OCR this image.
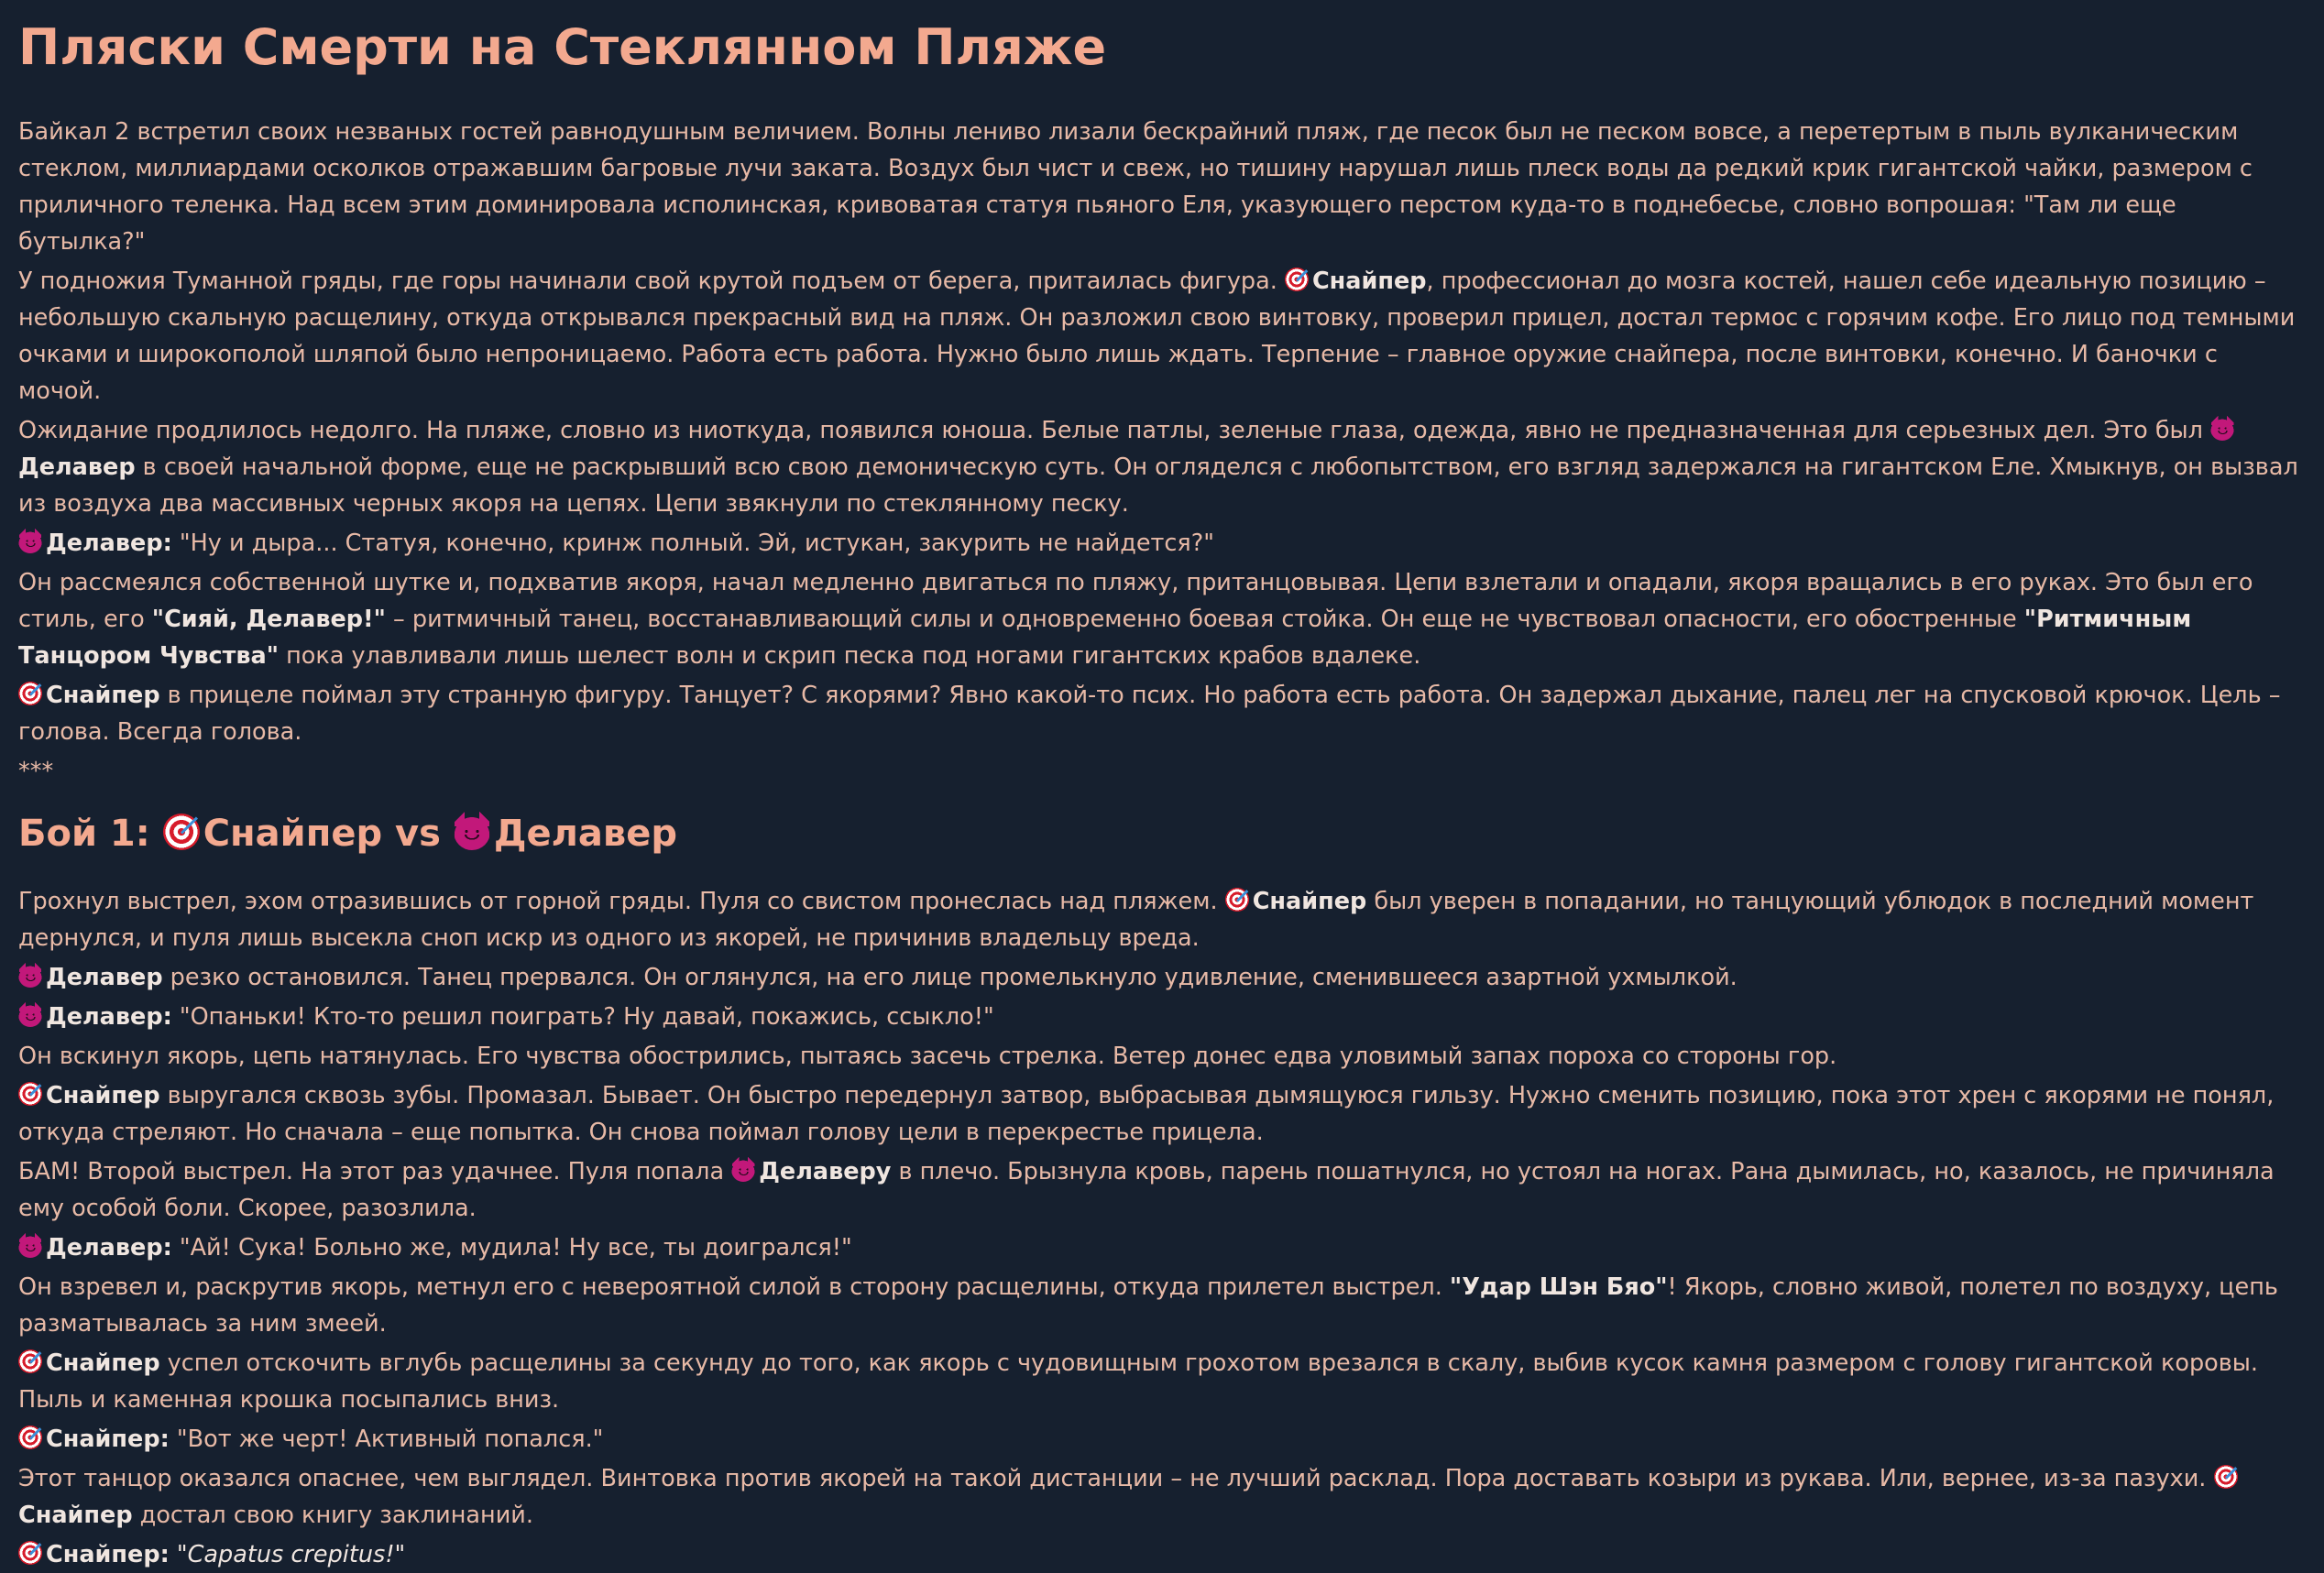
Пляски Смерти на Стеклянном Пляже

Байкал 2 встретил своих незваных гостей равнодушным величием. Волны лениво лизали бескрайний пляж, где песок был не песком вовсе, а перетертым в пыль вулканическим стеклом, миллиардами осколков отражавшим багровые лучи заката. Воздух был чист и свеж, но тишину нарушал лишь плеск воды да редкий крик гигантской чайки, размером с приличного теленка. Над всем этим доминировала исполинская, кривоватая статуя пьяного Еля, указующего перстом куда-то в поднебесье, словно вопрошая: "Там ли еще бутылка?"

У подножия Туманной гряды, где горы начинали свой крутой подъем от берега, притаилась фигура. Снайпер, профессионал до мозга костей, нашел себе идеальную позицию – небольшую скальную расщелину, откуда открывался прекрасный вид на пляж. Он разложил свою винтовку, проверил прицел, достал термос с горячим кофе. Его лицо под темными очками и широкополой шляпой было непроницаемо. Работа есть работа. Нужно было лишь ждать. Терпение – главное оружие снайпера, после винтовки, конечно. И баночки с мочой.

Ожидание продлилось недолго. На пляже, словно из ниоткуда, появился юноша. Белые патлы, зеленые глаза, одежда, явно не предназначенная для серьезных дел. Это был Делавер в своей начальной форме, еще не раскрывший всю свою демоническую суть. Он огляделся с любопытством, его взгляд задержался на гигантском Еле. Хмыкнув, он вызвал из воздуха два массивных черных якоря на цепях. Цепи звякнули по стеклянному песку.

Делавер: "Ну и дыра... Статуя, конечно, кринж полный. Эй, истукан, закурить не найдется?"

Он рассмеялся собственной шутке и, подхватив якоря, начал медленно двигаться по пляжу, пританцовывая. Цепи взлетали и опадали, якоря вращались в его руках. Это был его стиль, его "Сияй, Делавер!" – ритмичный танец, восстанавливающий силы и одновременно боевая стойка. Он еще не чувствовал опасности, его обостренные "Ритмичным Танцором Чувства" пока улавливали лишь шелест волн и скрип песка под ногами гигантских крабов вдалеке.

Снайпер в прицеле поймал эту странную фигуру. Танцует? С якорями? Явно какой-то псих. Но работа есть работа. Он задержал дыхание, палец лег на спусковой крючок. Цель – голова. Всегда голова.

***

Бой 1: Снайпер vs Делавер

Грохнул выстрел, эхом отразившись от горной гряды. Пуля со свистом пронеслась над пляжем. Снайпер был уверен в попадании, но танцующий ублюдок в последний момент дернулся, и пуля лишь высекла сноп искр из одного из якорей, не причинив владельцу вреда.

Делавер резко остановился. Танец прервался. Он оглянулся, на его лице промелькнуло удивление, сменившееся азартной ухмылкой.

Делавер: "Опаньки! Кто-то решил поиграть? Ну давай, покажись, ссыкло!"

Он вскинул якорь, цепь натянулась. Его чувства обострились, пытаясь засечь стрелка. Ветер донес едва уловимый запах пороха со стороны гор.

Снайпер выругался сквозь зубы. Промазал. Бывает. Он быстро передернул затвор, выбрасывая дымящуюся гильзу. Нужно сменить позицию, пока этот хрен с якорями не понял, откуда стреляют. Но сначала – еще попытка. Он снова поймал голову цели в перекрестье прицела.

БАМ! Второй выстрел. На этот раз удачнее. Пуля попала Делаверу в плечо. Брызнула кровь, парень пошатнулся, но устоял на ногах. Рана дымилась, но, казалось, не причиняла ему особой боли. Скорее, разозлила.

Делавер: "Ай! Сука! Больно же, мудила! Ну все, ты доигрался!"

Он взревел и, раскрутив якорь, метнул его с невероятной силой в сторону расщелины, откуда прилетел выстрел. "Удар Шэн Бяо"! Якорь, словно живой, полетел по воздуху, цепь разматывалась за ним змеей.

Снайпер успел отскочить вглубь расщелины за секунду до того, как якорь с чудовищным грохотом врезался в скалу, выбив кусок камня размером с голову гигантской коровы. Пыль и каменная крошка посыпались вниз.

Снайпер: "Вот же черт! Активный попался."

Этот танцор оказался опаснее, чем выглядел. Винтовка против якорей на такой дистанции – не лучший расклад. Пора доставать козыри из рукава. Или, вернее, из-за пазухи. Снайпер достал свою книгу заклинаний.

Снайпер: "Capatus crepitus!"
